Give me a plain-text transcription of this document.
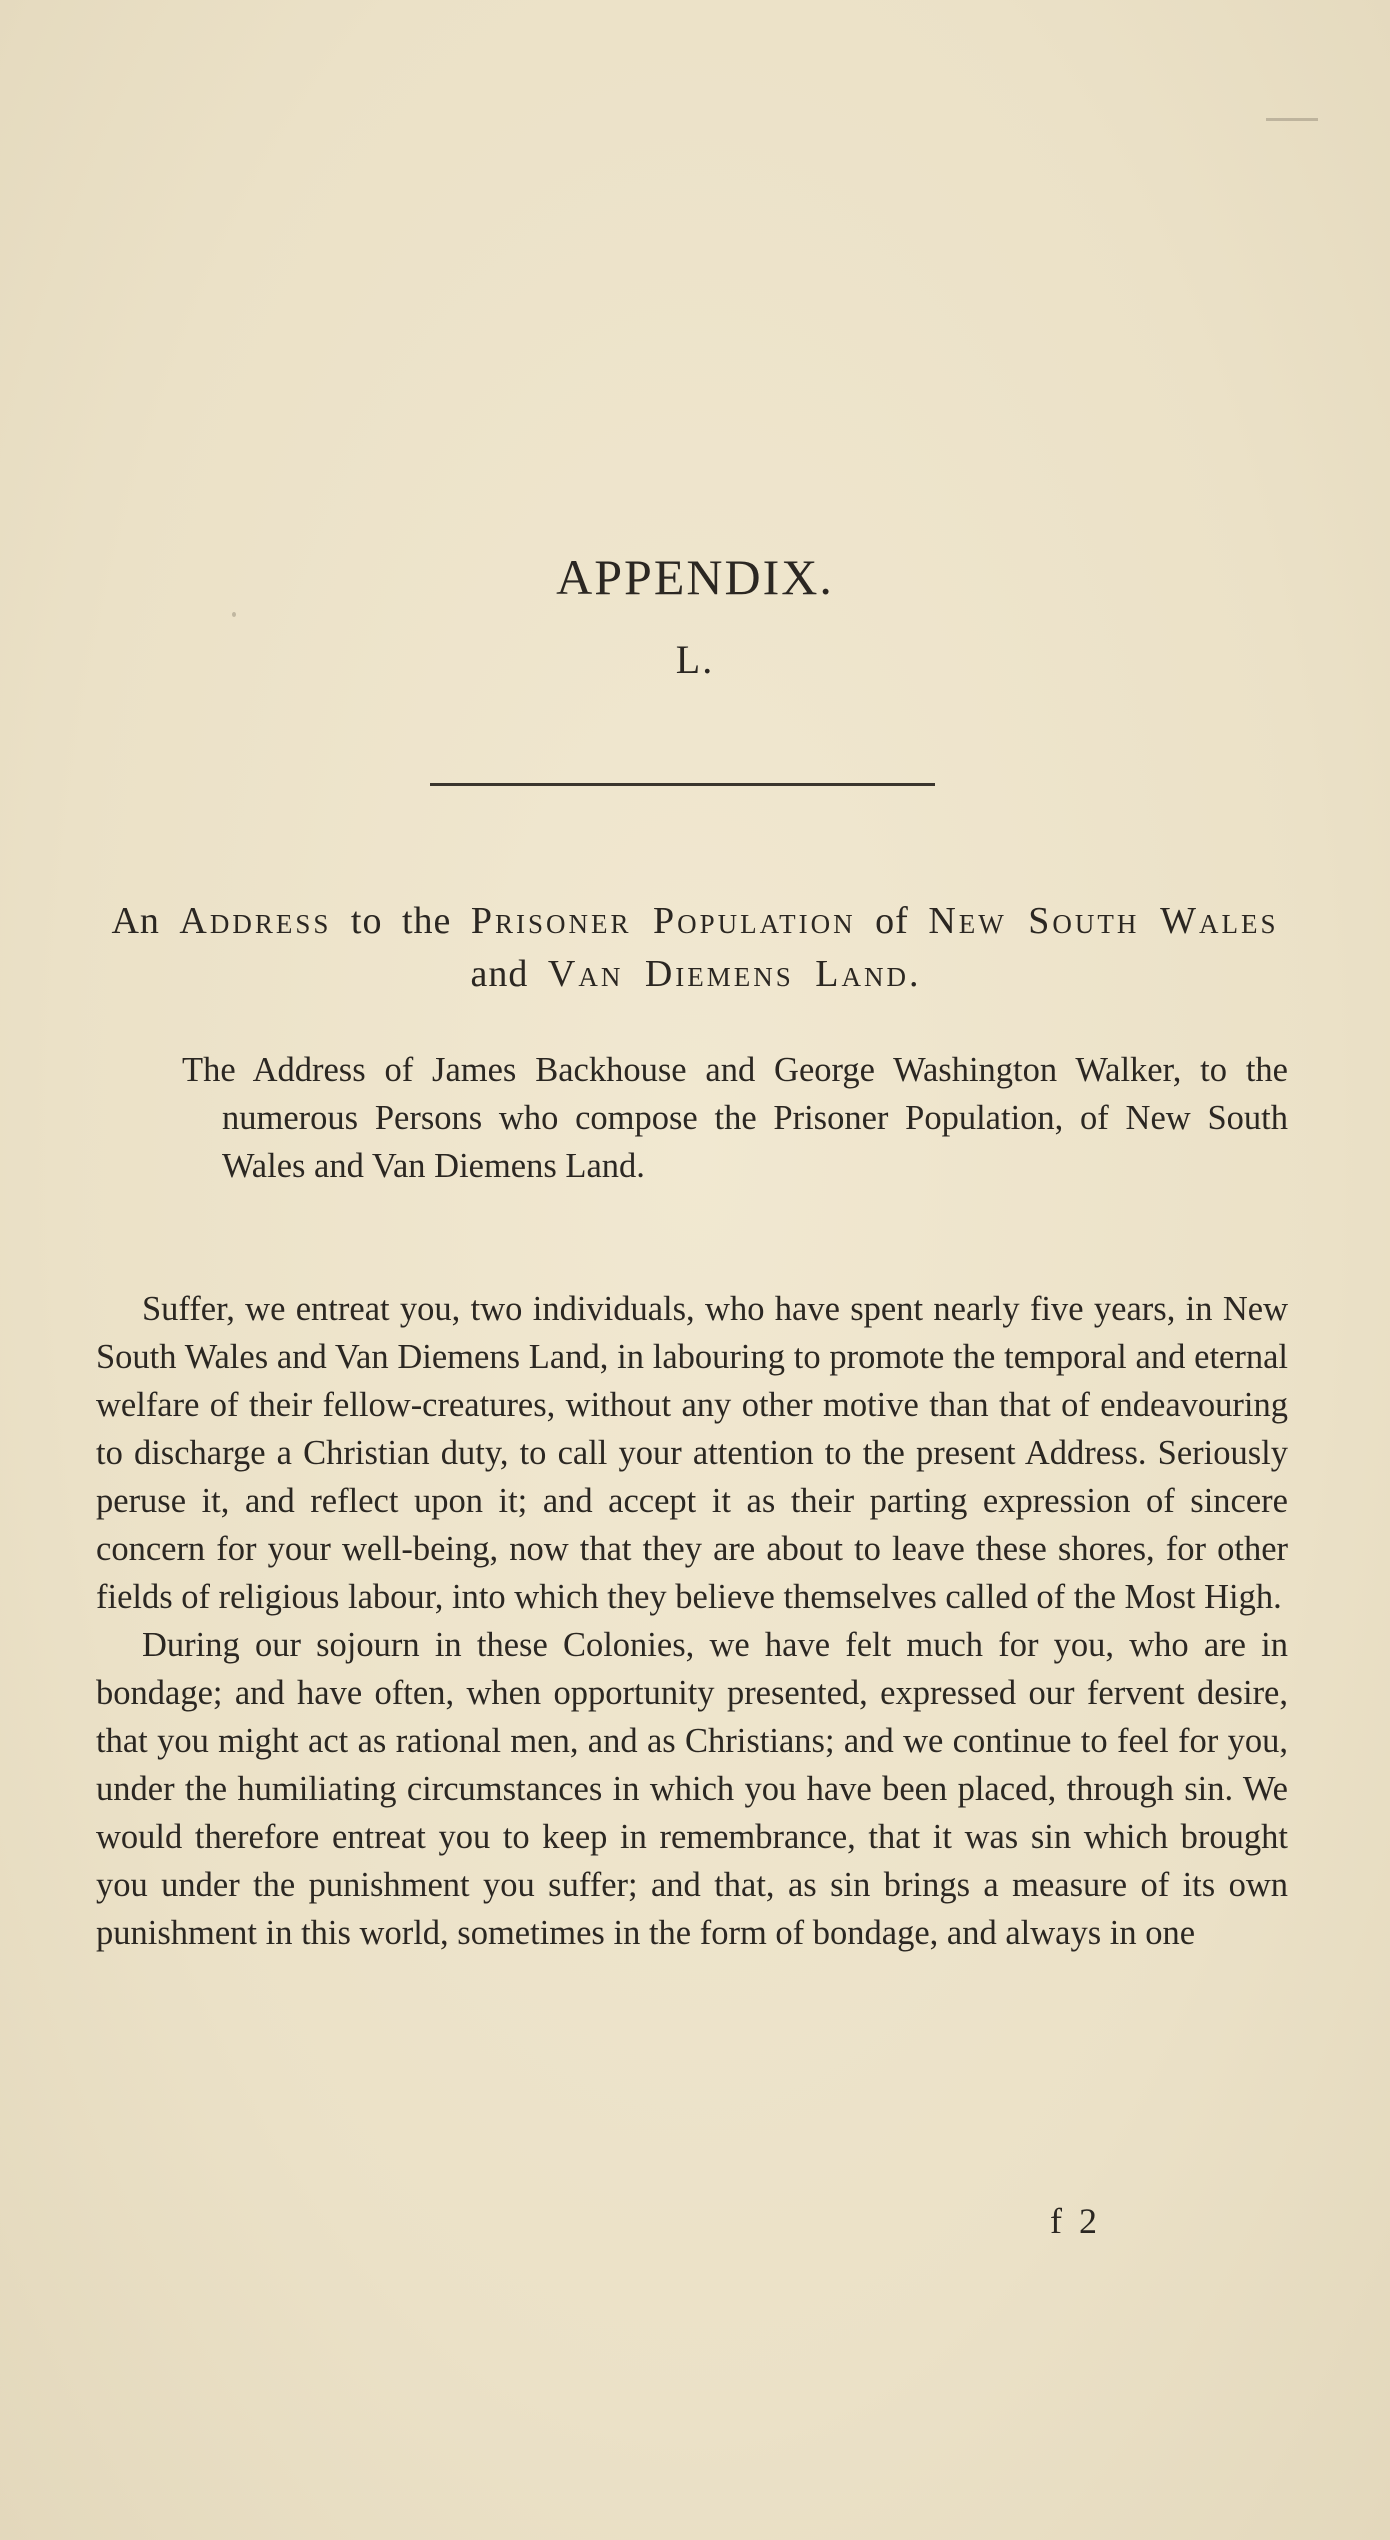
APPENDIX.
L.
An Address to the Prisoner Population of New South Wales and Van Diemens Land.

The Address of James Backhouse and George Washington Walker, to the numerous Persons who compose the Prisoner Population, of New South Wales and Van Diemens Land.

Suffer, we entreat you, two individuals, who have spent nearly five years, in New South Wales and Van Diemens Land, in labouring to promote the temporal and eternal welfare of their fellow-creatures, without any other motive than that of endeavouring to discharge a Christian duty, to call your attention to the present Address. Seriously peruse it, and reflect upon it; and accept it as their parting expression of sincere concern for your well-being, now that they are about to leave these shores, for other fields of religious labour, into which they believe themselves called of the Most High.

During our sojourn in these Colonies, we have felt much for you, who are in bondage; and have often, when opportunity presented, expressed our fervent desire, that you might act as rational men, and as Christians; and we continue to feel for you, under the humiliating circumstances in which you have been placed, through sin. We would therefore entreat you to keep in remembrance, that it was sin which brought you under the punishment you suffer; and that, as sin brings a measure of its own punishment in this world, sometimes in the form of bondage, and always in one

f 2
